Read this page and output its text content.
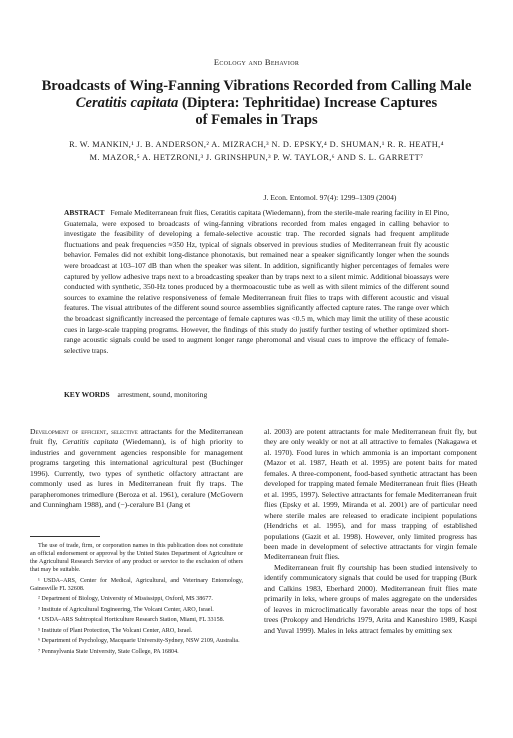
Ecology and Behavior
Broadcasts of Wing-Fanning Vibrations Recorded from Calling Male
Ceratitis capitata (Diptera: Tephritidae) Increase Captures
of Females in Traps
R. W. MANKIN,¹ J. B. ANDERSON,² A. MIZRACH,³ N. D. EPSKY,⁴ D. SHUMAN,¹ R. R. HEATH,⁴
M. MAZOR,⁵ A. HETZRONI,³ J. GRINSHPUN,³ P. W. TAYLOR,⁶ AND S. L. GARRETT⁷
J. Econ. Entomol. 97(4): 1299–1309 (2004)
ABSTRACT Female Mediterranean fruit flies, Ceratitis capitata (Wiedemann), from the sterile-male rearing facility in El Pino, Guatemala, were exposed to broadcasts of wing-fanning vibrations recorded from males engaged in calling behavior to investigate the feasibility of developing a female-selective acoustic trap. The recorded signals had frequent amplitude fluctuations and peak frequencies ≈350 Hz, typical of signals observed in previous studies of Mediterranean fruit fly acoustic behavior. Females did not exhibit long-distance phonotaxis, but remained near a speaker significantly longer when the sounds were broadcast at 103–107 dB than when the speaker was silent. In addition, significantly higher percentages of females were captured by yellow adhesive traps next to a broadcasting speaker than by traps next to a silent mimic. Additional bioassays were conducted with synthetic, 350-Hz tones produced by a thermoacoustic tube as well as with silent mimics of the different sound sources to examine the relative responsiveness of female Mediterranean fruit flies to traps with different acoustic and visual features. The visual attributes of the different sound source assemblies significantly affected capture rates. The range over which the broadcast significantly increased the percentage of female captures was <0.5 m, which may limit the utility of these acoustic cues in large-scale trapping programs. However, the findings of this study do justify further testing of whether optimized short-range acoustic signals could be used to augment longer range pheromonal and visual cues to improve the efficacy of female-selective traps.
KEY WORDS arrestment, sound, monitoring
Development of efficient, selective attractants for the Mediterranean fruit fly, Ceratitis capitata (Wiedemann), is of high priority to industries and government agencies responsible for management programs targeting this international agricultural pest (Buchinger 1996). Currently, two types of synthetic olfactory attractant are commonly used as lures in Mediterranean fruit fly traps. The parapheromones trimedlure (Beroza et al. 1961), ceralure (McGovern and Cunningham 1988), and (−)-ceralure B1 (Jang et

The use of trade, firm, or corporation names in this publication does not constitute an official endorsement or approval by the United States Department of Agriculture or the Agricultural Research Service of any product or service to the exclusion of others that may be suitable.

¹ USDA–ARS, Center for Medical, Agricultural, and Veterinary Entomology, Gainesville FL 32608.

² Department of Biology, University of Mississippi, Oxford, MS 38677.

³ Institute of Agricultural Engineering, The Volcani Center, ARO, Israel.

⁴ USDA–ARS Subtropical Horticulture Research Station, Miami, FL 33158.

⁵ Institute of Plant Protection, The Volcani Center, ARO, Israel.

⁶ Department of Psychology, Macquarie University-Sydney, NSW 2109, Australia.

⁷ Pennsylvania State University, State College, PA 16804.

al. 2003) are potent attractants for male Mediterranean fruit fly, but they are only weakly or not at all attractive to females (Nakagawa et al. 1970). Food lures in which ammonia is an important component (Mazor et al. 1987, Heath et al. 1995) are potent baits for mated females. A three-component, food-based synthetic attractant has been developed for trapping mated female Mediterranean fruit flies (Heath et al. 1995, 1997). Selective attractants for female Mediterranean fruit flies (Epsky et al. 1999, Miranda et al. 2001) are of particular need where sterile males are released to eradicate incipient populations (Hendrichs et al. 1995), and for mass trapping of established populations (Gazit et al. 1998). However, only limited progress has been made in development of selective attractants for virgin female Mediterranean fruit flies.
Mediterranean fruit fly courtship has been studied intensively to identify communicatory signals that could be used for trapping (Burk and Calkins 1983, Eberhard 2000). Mediterranean fruit flies mate primarily in leks, where groups of males aggregate on the undersides of leaves in microclimatically favorable areas near the tops of host trees (Prokopy and Hendrichs 1979, Arita and Kaneshiro 1989, Kaspi and Yuval 1999). Males in leks attract females by emitting sex
